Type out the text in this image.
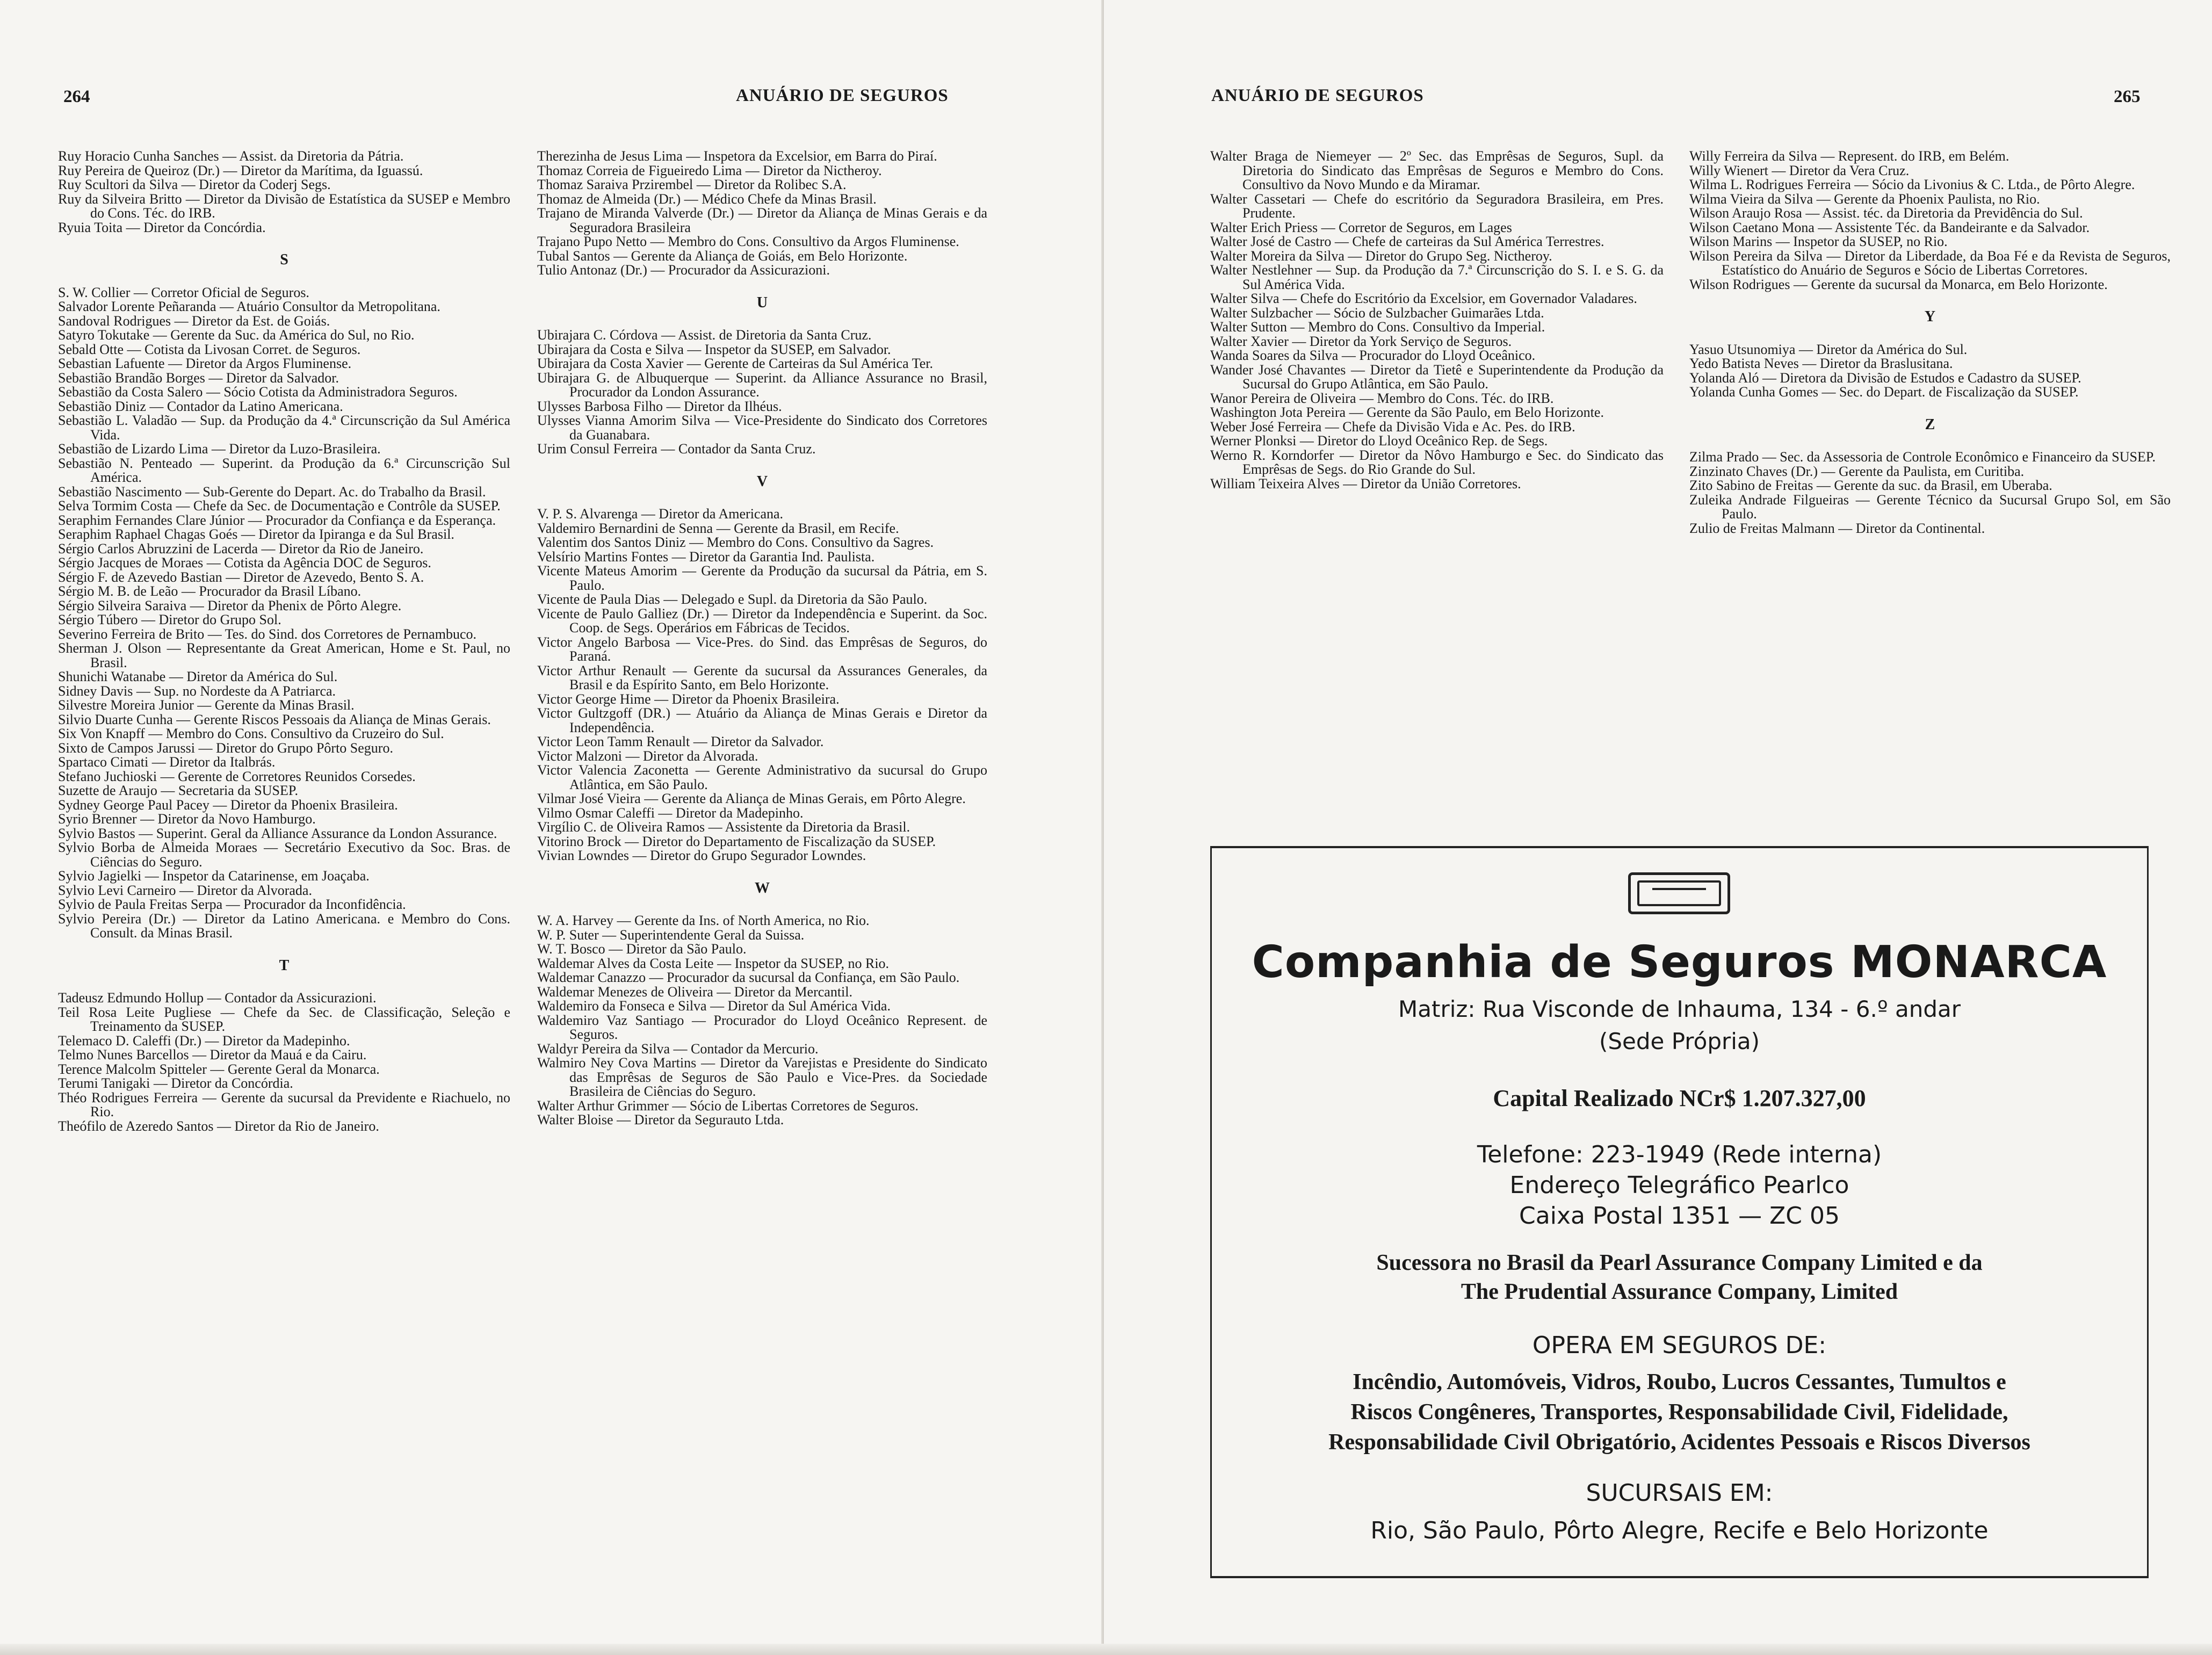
264	ANUÁRIO DE SEGUROS

Ruy Horacio Cunha Sanches — Assist. da Diretoria da Pátria.

Ruy Pereira de Queiroz (Dr.) — Diretor da Marítima, da Iguassú.

Ruy Scultori da Silva — Diretor da Coderj Segs.

Ruy da Silveira Britto — Diretor da Divisão de Estatística da SUSEP e Membro do Cons. Téc. do IRB.

Ryuia Toita — Diretor da Concórdia.

S

S. W. Collier — Corretor Oficial de Seguros.

Salvador Lorente Peñaranda — Atuário Consultor da Metropolitana.

Sandoval Rodrigues — Diretor da Est. de Goiás.

Satyro Tokutake — Gerente da Suc. da América do Sul, no Rio.

Sebald Otte — Cotista da Livosan Corret. de Seguros.

Sebastian Lafuente — Diretor da Argos Fluminense.

Sebastião Brandão Borges — Diretor da Salvador.

Sebastião da Costa Salero — Sócio Cotista da Administradora Seguros.

Sebastião Diniz — Contador da Latino Americana.

Sebastião L. Valadão — Sup. da Produção da 4.ª Circunscrição da Sul América Vida.

Sebastião de Lizardo Lima — Diretor da Luzo-Brasileira.

Sebastião N. Penteado — Superint. da Produção da 6.ª Circunscrição Sul América.

Sebastião Nascimento — Sub-Gerente do Depart. Ac. do Trabalho da Brasil.

Selva Tormim Costa — Chefe da Sec. de Documentação e Contrôle da SUSEP.

Seraphim Fernandes Clare Júnior — Procurador da Confiança e da Esperança.

Seraphim Raphael Chagas Goés — Diretor da Ipiranga e da Sul Brasil.

Sérgio Carlos Abruzzini de Lacerda — Diretor da Rio de Janeiro.

Sérgio Jacques de Moraes — Cotista da Agência DOC de Seguros.

Sérgio F. de Azevedo Bastian — Diretor de Azevedo, Bento S. A.

Sérgio M. B. de Leão — Procurador da Brasil Líbano.

Sérgio Silveira Saraiva — Diretor da Phenix de Pôrto Alegre.

Sérgio Túbero — Diretor do Grupo Sol.

Severino Ferreira de Brito — Tes. do Sind. dos Corretores de Pernambuco.

Sherman J. Olson — Representante da Great American, Home e St. Paul, no Brasil.

Shunichi Watanabe — Diretor da América do Sul.

Sidney Davis — Sup. no Nordeste da A Patriarca.

Silvestre Moreira Junior — Gerente da Minas Brasil.

Silvio Duarte Cunha — Gerente Riscos Pessoais da Aliança de Minas Gerais.

Six Von Knapff — Membro do Cons. Consultivo da Cruzeiro do Sul.

Sixto de Campos Jarussi — Diretor do Grupo Pôrto Seguro.

Spartaco Cimati — Diretor da Italbrás.

Stefano Juchioski — Gerente de Corretores Reunidos Corsedes.

Suzette de Araujo — Secretaria da SUSEP.

Sydney George Paul Pacey — Diretor da Phoenix Brasileira.

Syrio Brenner — Diretor da Novo Hamburgo.

Sylvio Bastos — Superint. Geral da Alliance Assurance da London Assurance.

Sylvio Borba de Almeida Moraes — Secretário Executivo da Soc. Bras. de Ciências do Seguro.

Sylvio Jagielki — Inspetor da Catarinense, em Joaçaba.

Sylvio Levi Carneiro — Diretor da Alvorada.

Sylvio de Paula Freitas Serpa — Procurador da Inconfidência.

Sylvio Pereira (Dr.) — Diretor da Latino Americana. e Membro do Cons. Consult. da Minas Brasil.

T

Tadeusz Edmundo Hollup — Contador da Assicurazioni.

Teil Rosa Leite Pugliese — Chefe da Sec. de Classificação, Seleção e Treinamento da SUSEP.

Telemaco D. Caleffi (Dr.) — Diretor da Madepinho.

Telmo Nunes Barcellos — Diretor da Mauá e da Cairu.

Terence Malcolm Spitteler — Gerente Geral da Monarca.

Terumi Tanigaki — Diretor da Concórdia.

Théo Rodrigues Ferreira — Gerente da sucursal da Previdente e Riachuelo, no Rio.

Theófilo de Azeredo Santos — Diretor da Rio de Janeiro.

Therezinha de Jesus Lima — Inspetora da Excelsior, em Barra do Piraí.

Thomaz Correia de Figueiredo Lima — Diretor da Nictheroy.

Thomaz Saraiva Przirembel — Diretor da Rolibec S.A.

Thomaz de Almeida (Dr.) — Médico Chefe da Minas Brasil.

Trajano de Miranda Valverde (Dr.) — Diretor da Aliança de Minas Gerais e da Seguradora Brasileira

Trajano Pupo Netto — Membro do Cons. Consultivo da Argos Fluminense.

Tubal Santos — Gerente da Aliança de Goiás, em Belo Horizonte.

Tulio Antonaz (Dr.) — Procurador da Assicurazioni.

U

Ubirajara C. Córdova — Assist. de Diretoria da Santa Cruz.

Ubirajara da Costa e Silva — Inspetor da SUSEP, em Salvador.

Ubirajara da Costa Xavier — Gerente de Carteiras da Sul América Ter.

Ubirajara G. de Albuquerque — Superint. da Alliance Assurance no Brasil, Procurador da London Assurance.

Ulysses Barbosa Filho — Diretor da Ilhéus.

Ulysses Vianna Amorim Silva — Vice-Presidente do Sindicato dos Corretores da Guanabara.

Urim Consul Ferreira — Contador da Santa Cruz.

V

V. P. S. Alvarenga — Diretor da Americana.

Valdemiro Bernardini de Senna — Gerente da Brasil, em Recife.

Valentim dos Santos Diniz — Membro do Cons. Consultivo da Sagres.

Velsírio Martins Fontes — Diretor da Garantia Ind. Paulista.

Vicente Mateus Amorim — Gerente da Produção da sucursal da Pátria, em S. Paulo.

Vicente de Paula Dias — Delegado e Supl. da Diretoria da São Paulo.

Vicente de Paulo Galliez (Dr.) — Diretor da Independência e Superint. da Soc. Coop. de Segs. Operários em Fábricas de Tecidos.

Victor Angelo Barbosa — Vice-Pres. do Sind. das Emprêsas de Seguros, do Paraná.

Victor Arthur Renault — Gerente da sucursal da Assurances Generales, da Brasil e da Espírito Santo, em Belo Horizonte.

Victor George Hime — Diretor da Phoenix Brasileira.

Victor Gultzgoff (DR.) — Atuário da Aliança de Minas Gerais e Diretor da Independência.

Victor Leon Tamm Renault — Diretor da Salvador.

Victor Malzoni — Diretor da Alvorada.

Victor Valencia Zaconetta — Gerente Administrativo da sucursal do Grupo Atlântica, em São Paulo.

Vilmar José Vieira — Gerente da Aliança de Minas Gerais, em Pôrto Alegre.

Vilmo Osmar Caleffi — Diretor da Madepinho.

Virgílio C. de Oliveira Ramos — Assistente da Diretoria da Brasil.

Vitorino Brock — Diretor do Departamento de Fiscalização da SUSEP.

Vivian Lowndes — Diretor do Grupo Segurador Lowndes.

W

W. A. Harvey — Gerente da Ins. of North America, no Rio.

W. P. Suter — Superintendente Geral da Suissa.

W. T. Bosco — Diretor da São Paulo.

Waldemar Alves da Costa Leite — Inspetor da SUSEP, no Rio.

Waldemar Canazzo — Procurador da sucursal da Confiança, em São Paulo.

Waldemar Menezes de Oliveira — Diretor da Mercantil.

Waldemiro da Fonseca e Silva — Diretor da Sul América Vida.

Waldemiro Vaz Santiago — Procurador do Lloyd Oceânico Represent. de Seguros.

Waldyr Pereira da Silva — Contador da Mercurio.

Walmiro Ney Cova Martins — Diretor da Varejistas e Presidente do Sindicato das Emprêsas de Seguros de São Paulo e Vice-Pres. da Sociedade Brasileira de Ciências do Seguro.

Walter Arthur Grimmer — Sócio de Libertas Corretores de Seguros.

Walter Bloise — Diretor da Segurauto Ltda.

ANUÁRIO DE SEGUROS	265

Walter Braga de Niemeyer — 2º Sec. das Emprêsas de Seguros, Supl. da Diretoria do Sindicato das Emprêsas de Seguros e Membro do Cons. Consultivo da Novo Mundo e da Miramar.

Walter Cassetari — Chefe do escritório da Seguradora Brasileira, em Pres. Prudente.

Walter Erich Priess — Corretor de Seguros, em Lages

Walter José de Castro — Chefe de carteiras da Sul América Terrestres.

Walter Moreira da Silva — Diretor do Grupo Seg. Nictheroy.

Walter Nestlehner — Sup. da Produção da 7.ª Circunscrição do S. I. e S. G. da Sul América Vida.

Walter Silva — Chefe do Escritório da Excelsior, em Governador Valadares.

Walter Sulzbacher — Sócio de Sulzbacher Guimarães Ltda.

Walter Sutton — Membro do Cons. Consultivo da Imperial.

Walter Xavier — Diretor da York Serviço de Seguros.

Wanda Soares da Silva — Procurador do Lloyd Oceânico.

Wander José Chavantes — Diretor da Tietê e Superintendente da Produção da Sucursal do Grupo Atlântica, em São Paulo.

Wanor Pereira de Oliveira — Membro do Cons. Téc. do IRB.

Washington Jota Pereira — Gerente da São Paulo, em Belo Horizonte.

Weber José Ferreira — Chefe da Divisão Vida e Ac. Pes. do IRB.

Werner Plonksi — Diretor do Lloyd Oceânico Rep. de Segs.

Werno R. Korndorfer — Diretor da Nôvo Hamburgo e Sec. do Sindicato das Emprêsas de Segs. do Rio Grande do Sul.

William Teixeira Alves — Diretor da União Corretores.

Willy Ferreira da Silva — Represent. do IRB, em Belém.

Willy Wienert — Diretor da Vera Cruz.

Wilma L. Rodrigues Ferreira — Sócio da Livonius & C. Ltda., de Pôrto Alegre.

Wilma Vieira da Silva — Gerente da Phoenix Paulista, no Rio.

Wilson Araujo Rosa — Assist. téc. da Diretoria da Previdência do Sul.

Wilson Caetano Mona — Assistente Téc. da Bandeirante e da Salvador.

Wilson Marins — Inspetor da SUSEP, no Rio.

Wilson Pereira da Silva — Diretor da Liberdade, da Boa Fé e da Revista de Seguros, Estatístico do Anuário de Seguros e Sócio de Libertas Corretores.

Wilson Rodrigues — Gerente da sucursal da Monarca, em Belo Horizonte.

Y

Yasuo Utsunomiya — Diretor da América do Sul.

Yedo Batista Neves — Diretor da Braslusitana.

Yolanda Aló — Diretora da Divisão de Estudos e Cadastro da SUSEP.

Yolanda Cunha Gomes — Sec. do Depart. de Fiscalização da SUSEP.

Z

Zilma Prado — Sec. da Assessoria de Controle Econômico e Financeiro da SUSEP.

Zinzinato Chaves (Dr.) — Gerente da Paulista, em Curitiba.

Zito Sabino de Freitas — Gerente da suc. da Brasil, em Uberaba.

Zuleika Andrade Filgueiras — Gerente Técnico da Sucursal Grupo Sol, em São Paulo.

Zulio de Freitas Malmann — Diretor da Continental.

Companhia de Seguros MONARCA
Matriz: Rua Visconde de Inhauma, 134 - 6.º andar
(Sede Própria)
Capital Realizado NCr$ 1.207.327,00
Telefone: 223-1949 (Rede interna)
Endereço Telegráfico Pearlco
Caixa Postal 1351 — ZC 05
Sucessora no Brasil da Pearl Assurance Company Limited e da
The Prudential Assurance Company, Limited
OPERA EM SEGUROS DE:
Incêndio, Automóveis, Vidros, Roubo, Lucros Cessantes, Tumultos e
Riscos Congêneres, Transportes, Responsabilidade Civil, Fidelidade,
Responsabilidade Civil Obrigatório, Acidentes Pessoais e Riscos Diversos
SUCURSAIS EM:
Rio, São Paulo, Pôrto Alegre, Recife e Belo Horizonte
